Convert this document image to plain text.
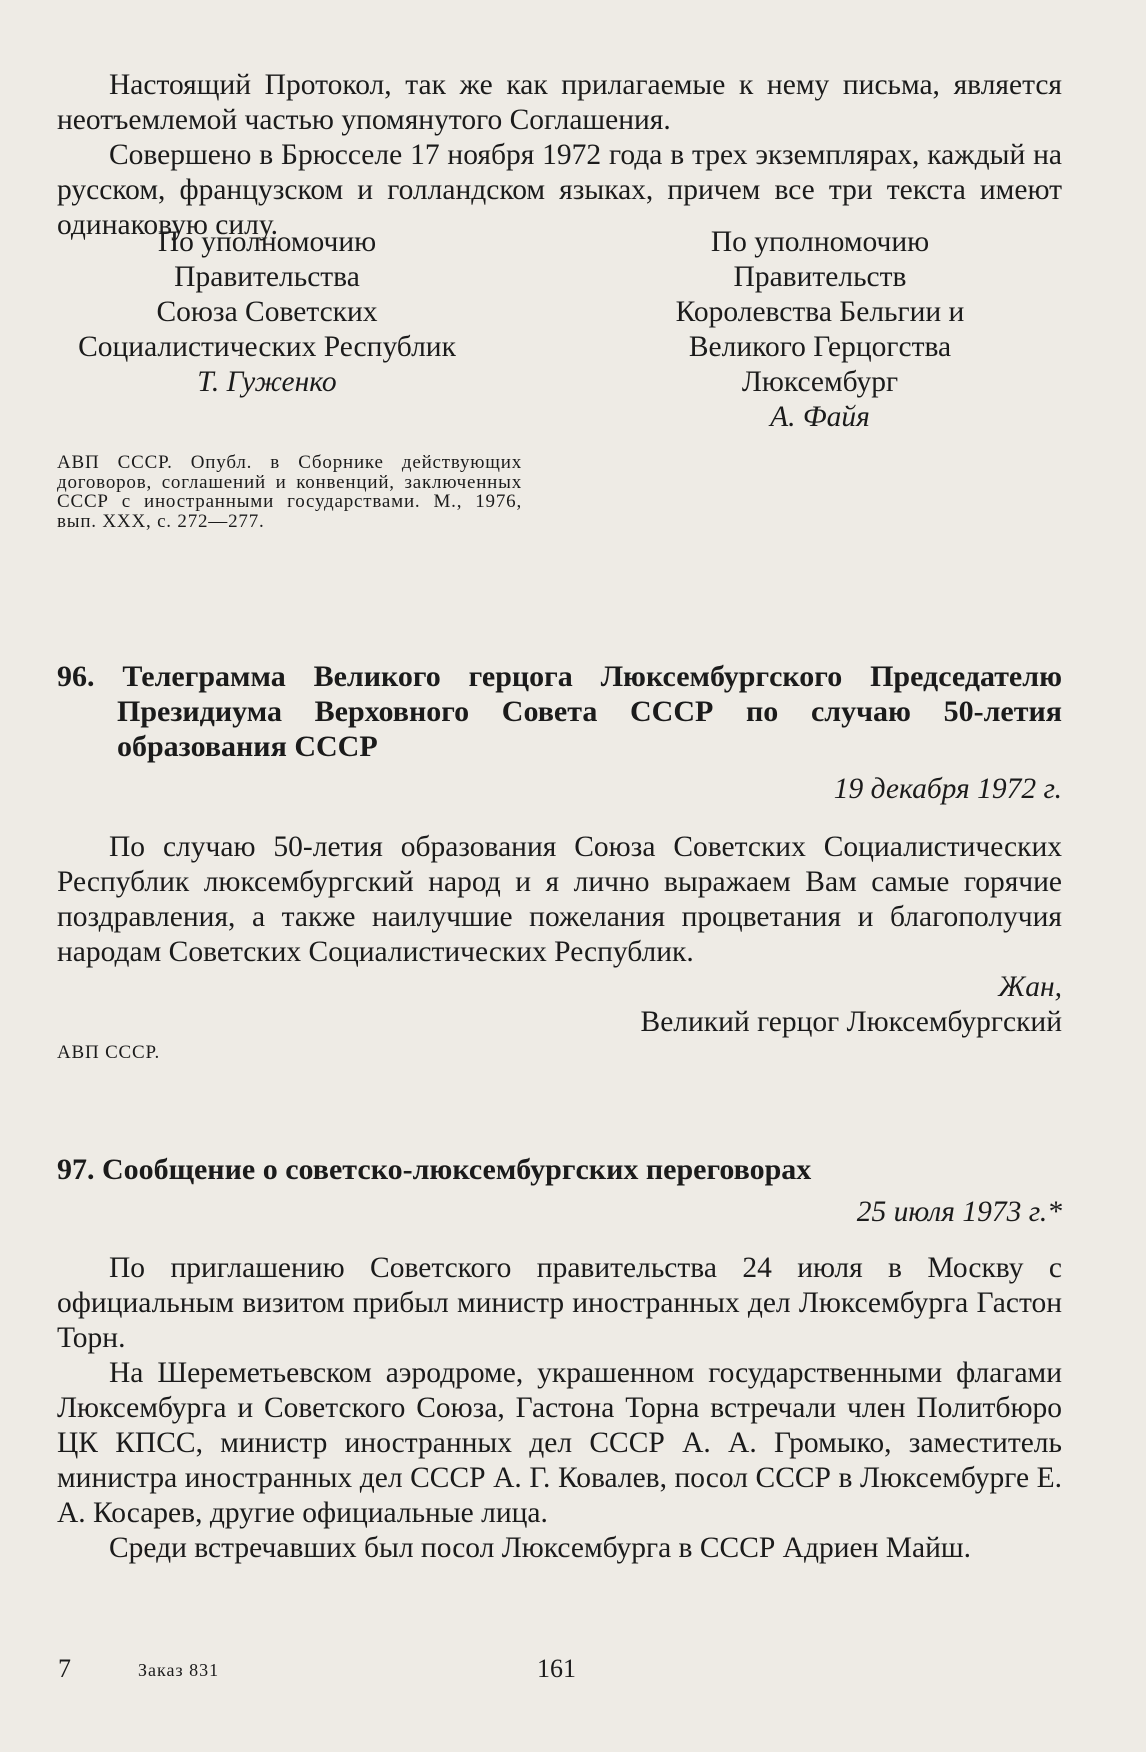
Настоящий Протокол, так же как прилагаемые к нему письма, является неотъемлемой частью упомянутого Соглашения.

Совершено в Брюсселе 17 ноября 1972 года в трех экземплярах, каждый на русском, французском и голландском языках, причем все три текста имеют одинаковую силу.

По уполномочию
Правительства
Союза Советских
Социалистических Республик
Т. Гуженко
По уполномочию
Правительств
Королевства Бельгии и
Великого Герцогства
Люксембург
А. Файя

АВП СССР. Опубл. в Сборнике действующих договоров, соглашений и конвенций, заключенных СССР с иностранными государствами. М., 1976, вып. XXX, с. 272—277.

96. Телеграмма Великого герцога Люксембургского Председателю Президиума Верховного Совета СССР по случаю 50-летия образования СССР

19 декабря 1972 г.

По случаю 50-летия образования Союза Советских Социалистических Республик люксембургский народ и я лично выражаем Вам самые горячие поздравления, а также наилучшие пожелания процветания и благополучия народам Советских Социалистических Республик.

Жан,

Великий герцог Люксембургский

АВП СССР.

97. Сообщение о советско-люксембургских переговорах

25 июля 1973 г.*

По приглашению Советского правительства 24 июля в Москву с официальным визитом прибыл министр иностранных дел Люксембурга Гастон Торн.

На Шереметьевском аэродроме, украшенном государственными флагами Люксембурга и Советского Союза, Гастона Торна встречали член Политбюро ЦК КПСС, министр иностранных дел СССР А. А. Громыко, заместитель министра иностранных дел СССР А. Г. Ковалев, посол СССР в Люксембурге Е. А. Косарев, другие официальные лица.

Среди встречавших был посол Люксембурга в СССР Адриен Майш.

7	Заказ 831	161
